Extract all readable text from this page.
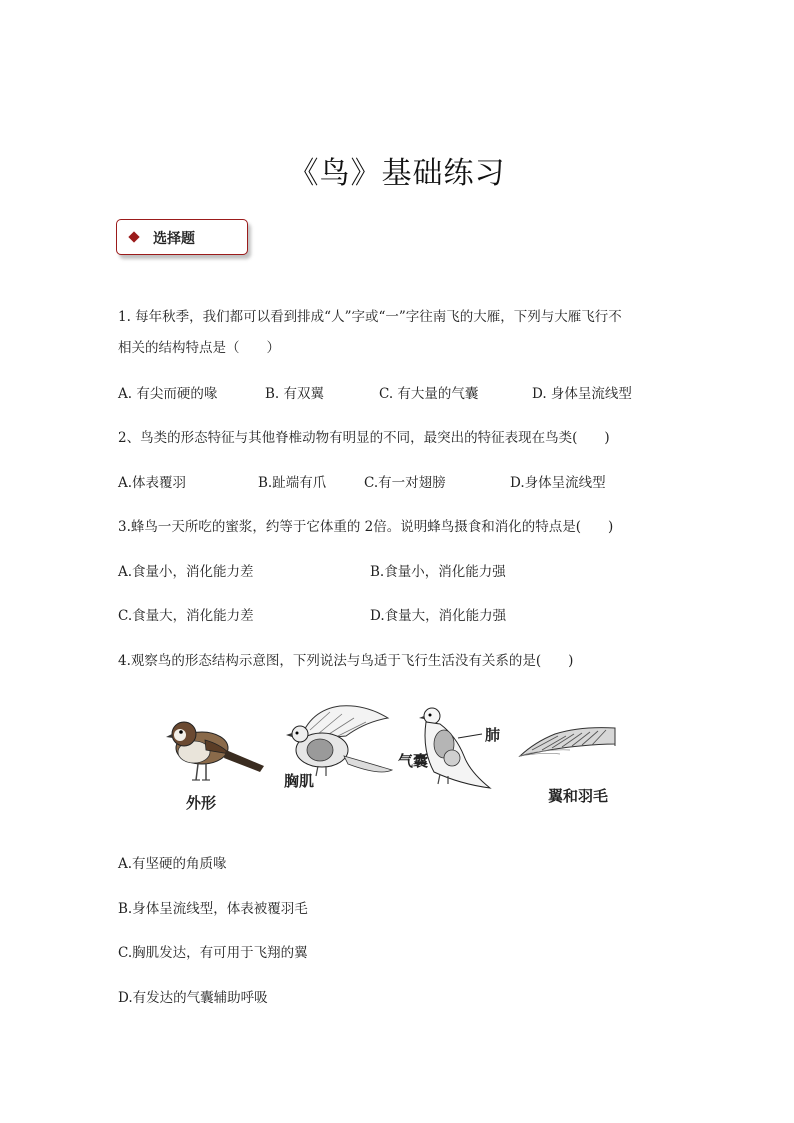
《鸟》基础练习
选择题
1. 每年秋季，我们都可以看到排成“人”字或“一”字往南飞的大雁，下列与大雁飞行不
相关的结构特点是（　　）
A. 有尖而硬的喙	B. 有双翼	C. 有大量的气囊	D. 身体呈流线型
2、鸟类的形态特征与其他脊椎动物有明显的不同，最突出的特征表现在鸟类(　　)
A.体表覆羽	B.趾端有爪	C.有一对翅膀	D.身体呈流线型
3.蜂鸟一天所吃的蜜浆，约等于它体重的 2倍。说明蜂鸟摄食和消化的特点是(　　)
A.食量小，消化能力差	B.食量小，消化能力强
C.食量大，消化能力差	D.食量大，消化能力强
4.观察鸟的形态结构示意图，下列说法与鸟适于飞行生活没有关系的是(　　)
外形
胸肌
气囊
肺
翼和羽毛
A.有坚硬的角质喙
B.身体呈流线型，体表被覆羽毛
C.胸肌发达，有可用于飞翔的翼
D.有发达的气囊辅助呼吸
